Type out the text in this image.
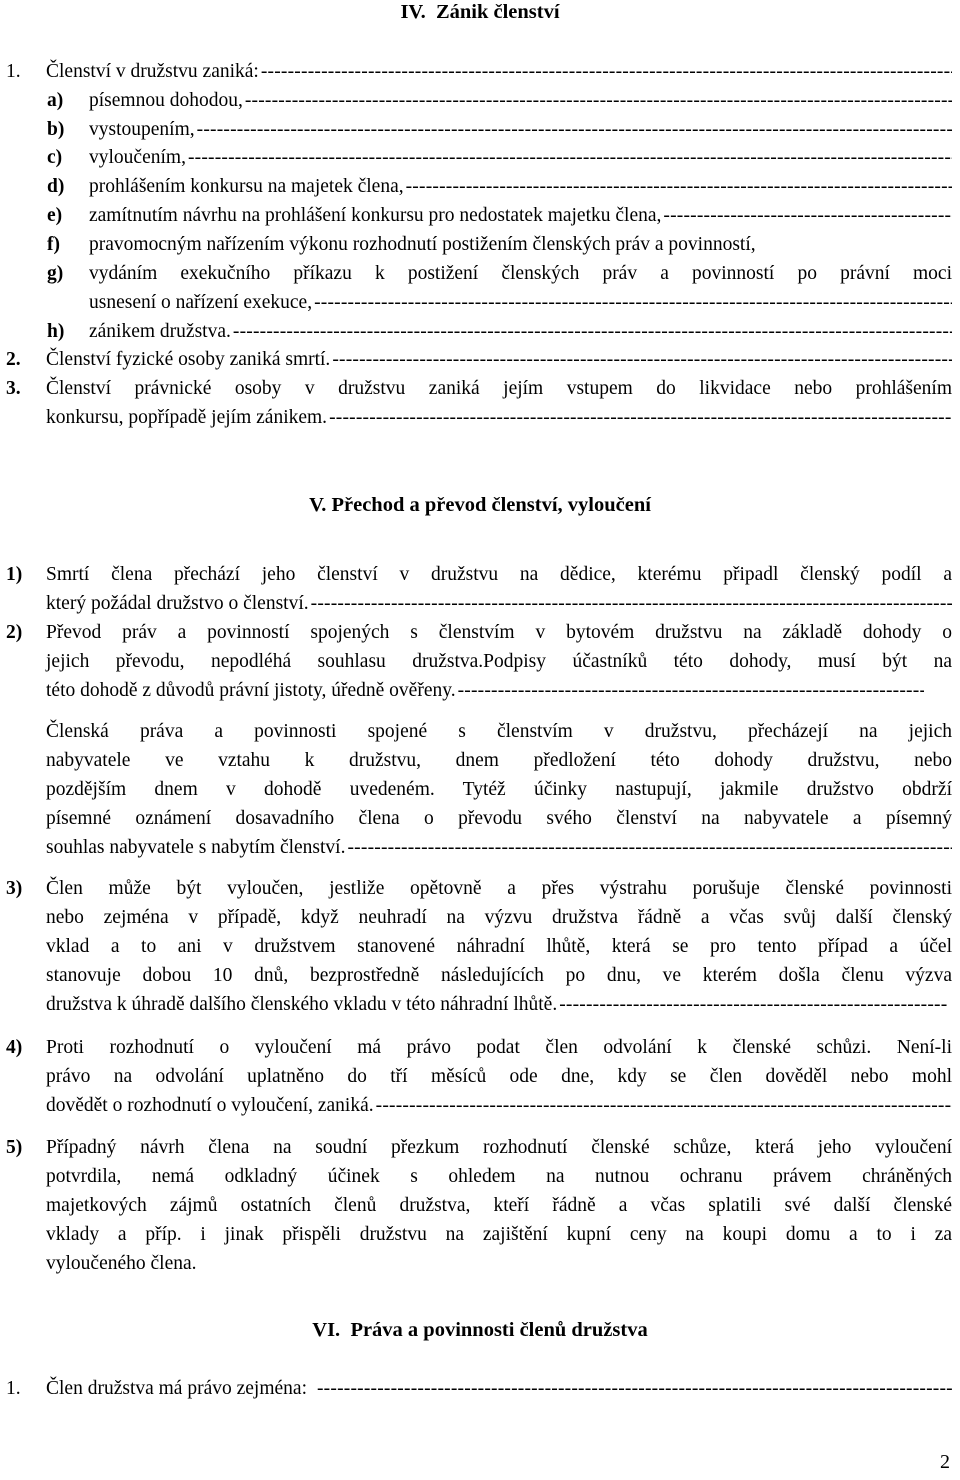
IV. Zánik členství
1. Členství v družstvu zaniká:
-----
a) písemnou dohodou,
-----
b) vystoupením,
-----
c) vyloučením,
-----
d) prohlášením konkursu na majetek člena,
-----
e) zamítnutím návrhu na prohlášení konkursu pro nedostatek majetku člena,
-----
f) pravomocným nařízením výkonu rozhodnutí postižením členských práv a povinností,
g) vydáním exekučního příkazu k postižení členských práv a povinností po právní moci
usnesení o nařízení exekuce,
-----
h) zánikem družstva.
-----
2. Členství fyzické osoby zaniká smrtí.
-----
3. Členství právnické osoby v družstvu zaniká jejím vstupem do likvidace nebo prohlášením
konkursu, popřípadě jejím zánikem.
-----
V. Přechod a převod členství, vyloučení
1) Smrtí člena přechází jeho členství v družstvu na dědice, kterému připadl členský podíl a
který požádal družstvo o členství.
-----
2) Převod práv a povinností spojených s členstvím v bytovém družstvu na základě dohody o
jejich převodu, nepodléhá souhlasu družstva.Podpisy účastníků této dohody, musí být na
této dohodě z důvodů právní jistoty, úředně ověřeny.
-----
Členská práva a povinnosti spojené s členstvím v družstvu, přecházejí na jejich
nabyvatele ve vztahu k družstvu, dnem předložení této dohody družstvu, nebo
pozdějším dnem v dohodě uvedeném. Tytéž účinky nastupují, jakmile družstvo obdrží
písemné oznámení dosavadního člena o převodu svého členství na nabyvatele a písemný
souhlas nabyvatele s nabytím členství.
-----
3) Člen může být vyloučen, jestliže opětovně a přes výstrahu porušuje členské povinnosti
nebo zejména v případě, když neuhradí na výzvu družstva řádně a včas svůj další členský
vklad a to ani v družstvem stanovené náhradní lhůtě, která se pro tento případ a účel
stanovuje dobou 10 dnů, bezprostředně následujících po dnu, ve kterém došla členu výzva
družstva k úhradě dalšího členského vkladu v této náhradní lhůtě.
-----
4) Proti rozhodnutí o vyloučení má právo podat člen odvolání k členské schůzi. Není-li
právo na odvolání uplatněno do tří měsíců ode dne, kdy se člen dověděl nebo mohl
dovědět o rozhodnutí o vyloučení, zaniká.
-----
5) Případný návrh člena na soudní přezkum rozhodnutí členské schůze, která jeho vyloučení
potvrdila, nemá odkladný účinek s ohledem na nutnou ochranu právem chráněných
majetkových zájmů ostatních členů družstva, kteří řádně a včas splatili své další členské
vklady a příp. i jinak přispěli družstvu na zajištění kupní ceny na koupi domu a to i za
vyloučeného člena.
VI. Práva a povinnosti členů družstva
1. Člen družstva má právo zejména:
-----
2
